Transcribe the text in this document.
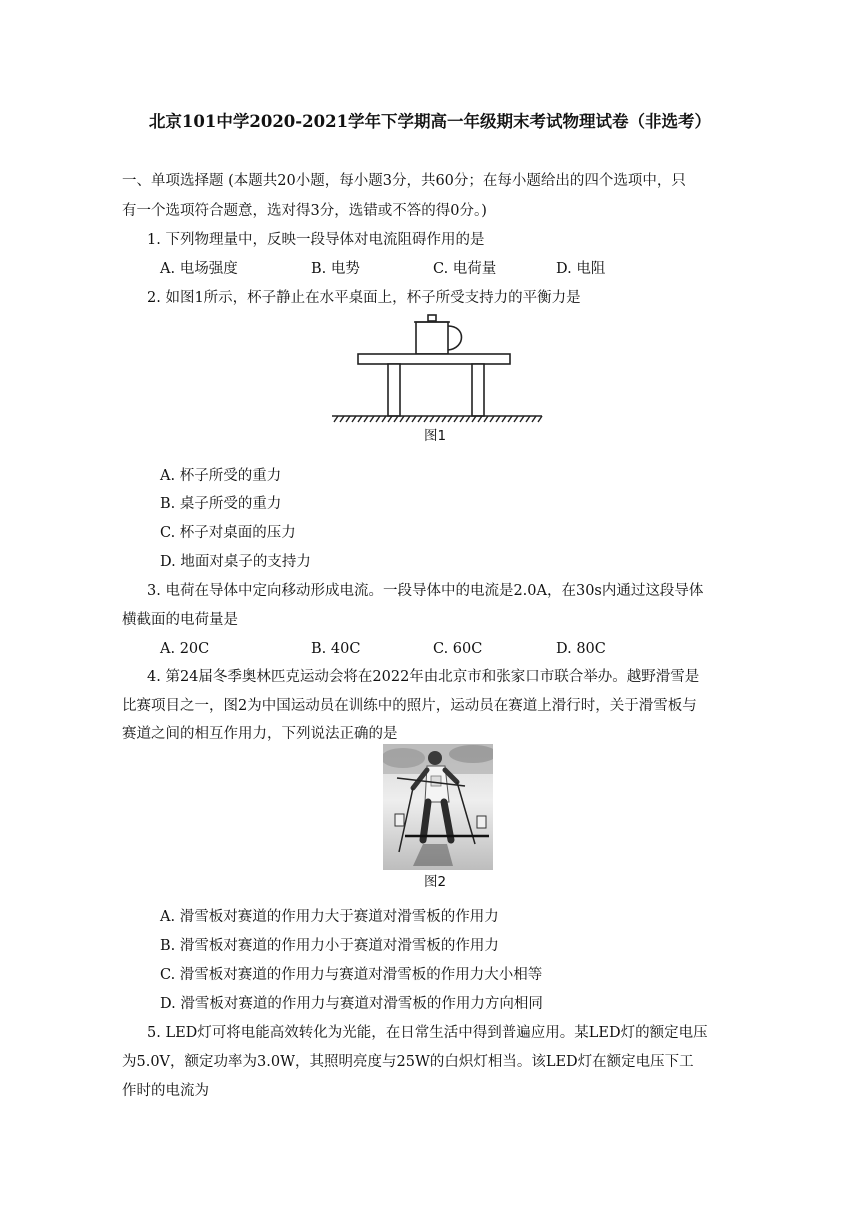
北京101中学2020-2021学年下学期高一年级期末考试物理试卷（非选考）
一、单项选择题 (本题共20小题，每小题3分，共60分；在每小题给出的四个选项中，只
有一个选项符合题意，选对得3分，选错或不答的得0分。)
1. 下列物理量中，反映一段导体对电流阻碍作用的是
A. 电场强度	B. 电势	C. 电荷量	D. 电阻
2. 如图1所示，杯子静止在水平桌面上，杯子所受支持力的平衡力是
图1
A. 杯子所受的重力
B. 桌子所受的重力
C. 杯子对桌面的压力
D. 地面对桌子的支持力
3. 电荷在导体中定向移动形成电流。一段导体中的电流是2.0A，在30s内通过这段导体
横截面的电荷量是
A. 20C	B. 40C	C. 60C	D. 80C
4. 第24届冬季奥林匹克运动会将在2022年由北京市和张家口市联合举办。越野滑雪是
比赛项目之一，图2为中国运动员在训练中的照片，运动员在赛道上滑行时，关于滑雪板与
赛道之间的相互作用力，下列说法正确的是
图2
A. 滑雪板对赛道的作用力大于赛道对滑雪板的作用力
B. 滑雪板对赛道的作用力小于赛道对滑雪板的作用力
C. 滑雪板对赛道的作用力与赛道对滑雪板的作用力大小相等
D. 滑雪板对赛道的作用力与赛道对滑雪板的作用力方向相同
5. LED灯可将电能高效转化为光能，在日常生活中得到普遍应用。某LED灯的额定电压
为5.0V，额定功率为3.0W，其照明亮度与25W的白炽灯相当。该LED灯在额定电压下工
作时的电流为
